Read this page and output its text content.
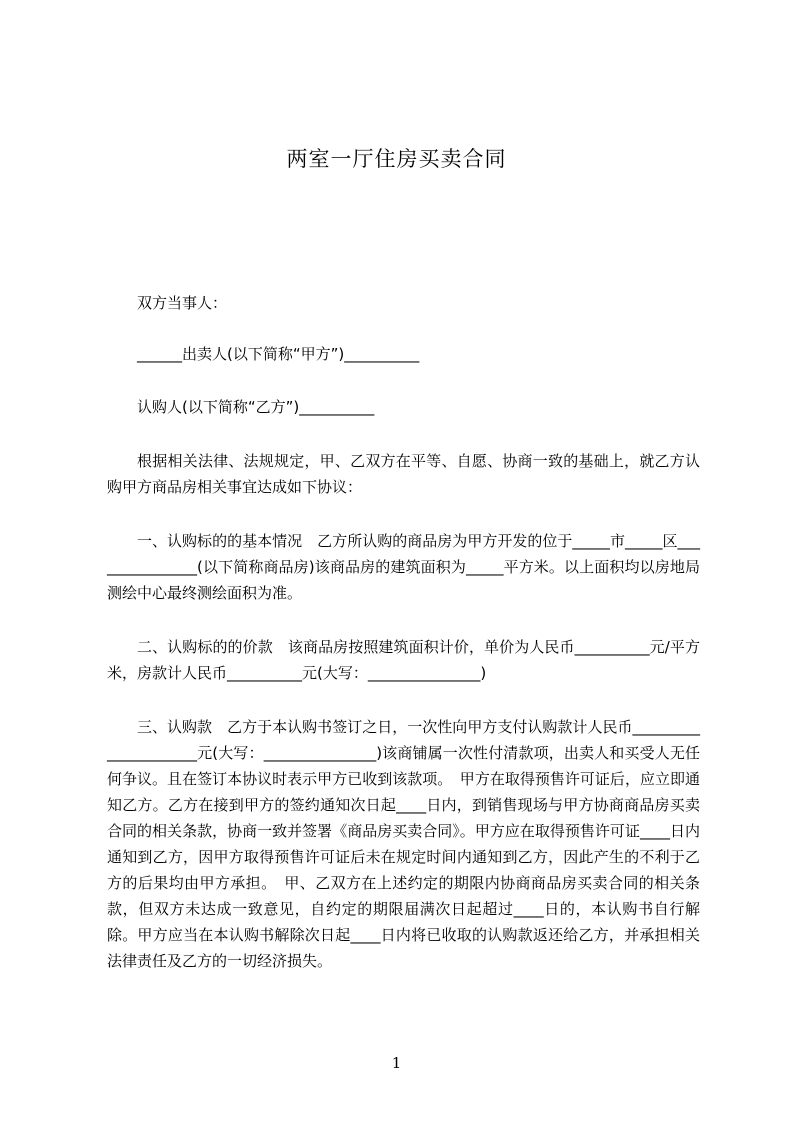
两室一厅住房买卖合同
双方当事人：
______出卖人(以下简称“甲方”)__________
认购人(以下简称“乙方”)__________
根据相关法律、法规规定，甲、乙双方在平等、自愿、协商一致的基础上，就乙方认购甲方商品房相关事宜达成如下协议：
一、认购标的的基本情况　乙方所认购的商品房为甲方开发的位于_____市_____区_______________(以下简称商品房)该商品房的建筑面积为_____平方米。以上面积均以房地局测绘中心最终测绘面积为准。
二、认购标的的价款　该商品房按照建筑面积计价，单价为人民币__________元/平方米，房款计人民币__________元(大写：_______________)
三、认购款　乙方于本认购书签订之日，一次性向甲方支付认购款计人民币_____________________元(大写：_______________)该商铺属一次性付清款项，出卖人和买受人无任何争议。且在签订本协议时表示甲方已收到该款项。　甲方在取得预售许可证后，应立即通知乙方。乙方在接到甲方的签约通知次日起____日内，到销售现场与甲方协商商品房买卖合同的相关条款，协商一致并签署《商品房买卖合同》。甲方应在取得预售许可证____日内通知到乙方，因甲方取得预售许可证后未在规定时间内通知到乙方，因此产生的不利于乙方的后果均由甲方承担。　甲、乙双方在上述约定的期限内协商商品房买卖合同的相关条款，但双方未达成一致意见，自约定的期限届满次日起超过____日的，本认购书自行解除。甲方应当在本认购书解除次日起____日内将已收取的认购款返还给乙方，并承担相关法律责任及乙方的一切经济损失。
1
